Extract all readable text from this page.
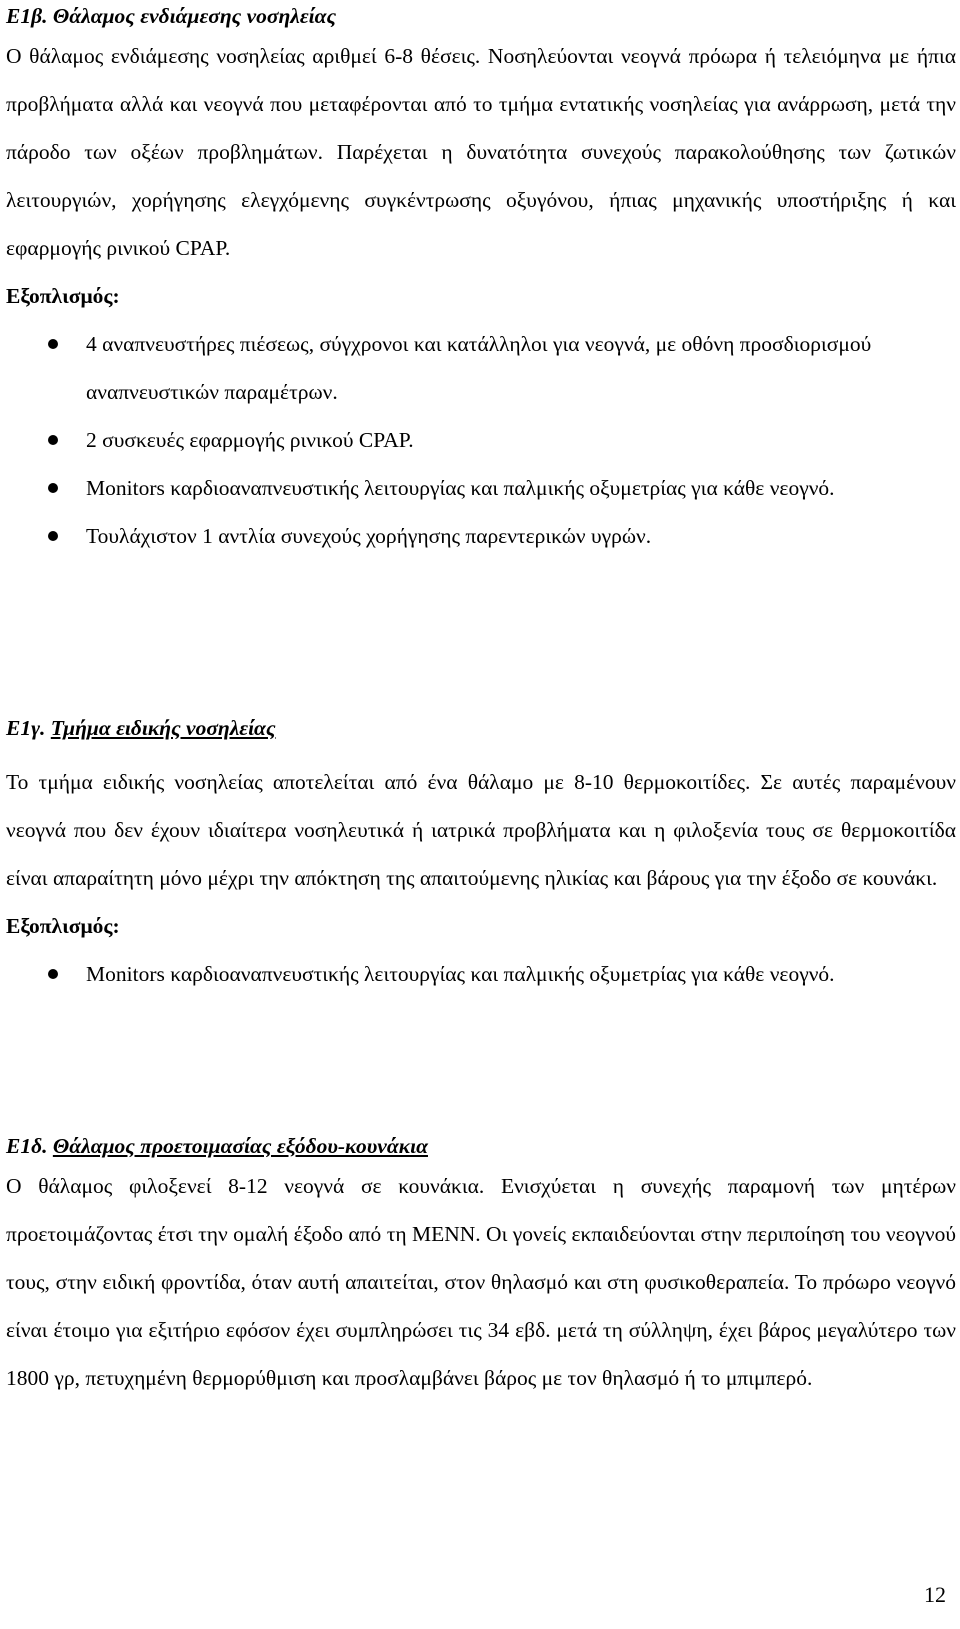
Ε1β. Θάλαμος ενδιάμεσης νοσηλείας

Ο θάλαμος ενδιάμεσης νοσηλείας αριθμεί 6-8 θέσεις. Νοσηλεύονται νεογνά πρόωρα ή τελειόμηνα με ήπια προβλήματα αλλά και νεογνά που μεταφέρονται από το τμήμα εντατικής νοσηλείας για ανάρρωση, μετά την πάροδο των οξέων προβλημάτων. Παρέχεται η δυνατότητα συνεχούς παρακολούθησης των ζωτικών λειτουργιών, χορήγησης ελεγχόμενης συγκέντρωσης οξυγόνου, ήπιας μηχανικής υποστήριξης ή και εφαρμογής ρινικού CPAP.

Εξοπλισμός:

4 αναπνευστήρες πιέσεως, σύγχρονοι και κατάλληλοι για νεογνά, με οθόνη προσδιορισμού αναπνευστικών παραμέτρων.
2 συσκευές εφαρμογής ρινικού CPAP.
Monitors καρδιοαναπνευστικής λειτουργίας και παλμικής οξυμετρίας για κάθε νεογνό.
Τουλάχιστον 1 αντλία συνεχούς χορήγησης παρεντερικών υγρών.

Ε1γ. Τμήμα ειδικής νοσηλείας

Το τμήμα ειδικής νοσηλείας αποτελείται από ένα θάλαμο με 8-10 θερμοκοιτίδες. Σε αυτές παραμένουν νεογνά που δεν έχουν ιδιαίτερα νοσηλευτικά ή ιατρικά προβλήματα και η φιλοξενία τους σε θερμοκοιτίδα είναι απαραίτητη μόνο μέχρι την απόκτηση της απαιτούμενης ηλικίας και βάρους για την έξοδο σε κουνάκι.

Εξοπλισμός:

Monitors καρδιοαναπνευστικής λειτουργίας και παλμικής οξυμετρίας για κάθε νεογνό.

Ε1δ. Θάλαμος προετοιμασίας εξόδου-κουνάκια

Ο θάλαμος φιλοξενεί 8-12 νεογνά σε κουνάκια. Ενισχύεται η συνεχής παραμονή των μητέρων προετοιμάζοντας έτσι την ομαλή έξοδο από τη ΜΕΝΝ. Οι γονείς εκπαιδεύονται στην περιποίηση του νεογνού τους, στην ειδική φροντίδα, όταν αυτή απαιτείται, στον θηλασμό και στη φυσικοθεραπεία. Το πρόωρο νεογνό είναι έτοιμο για εξιτήριο εφόσον έχει συμπληρώσει τις 34 εβδ. μετά τη σύλληψη, έχει βάρος μεγαλύτερο των 1800 γρ, πετυχημένη θερμορύθμιση και προσλαμβάνει βάρος με τον θηλασμό ή το μπιμπερό.

12
